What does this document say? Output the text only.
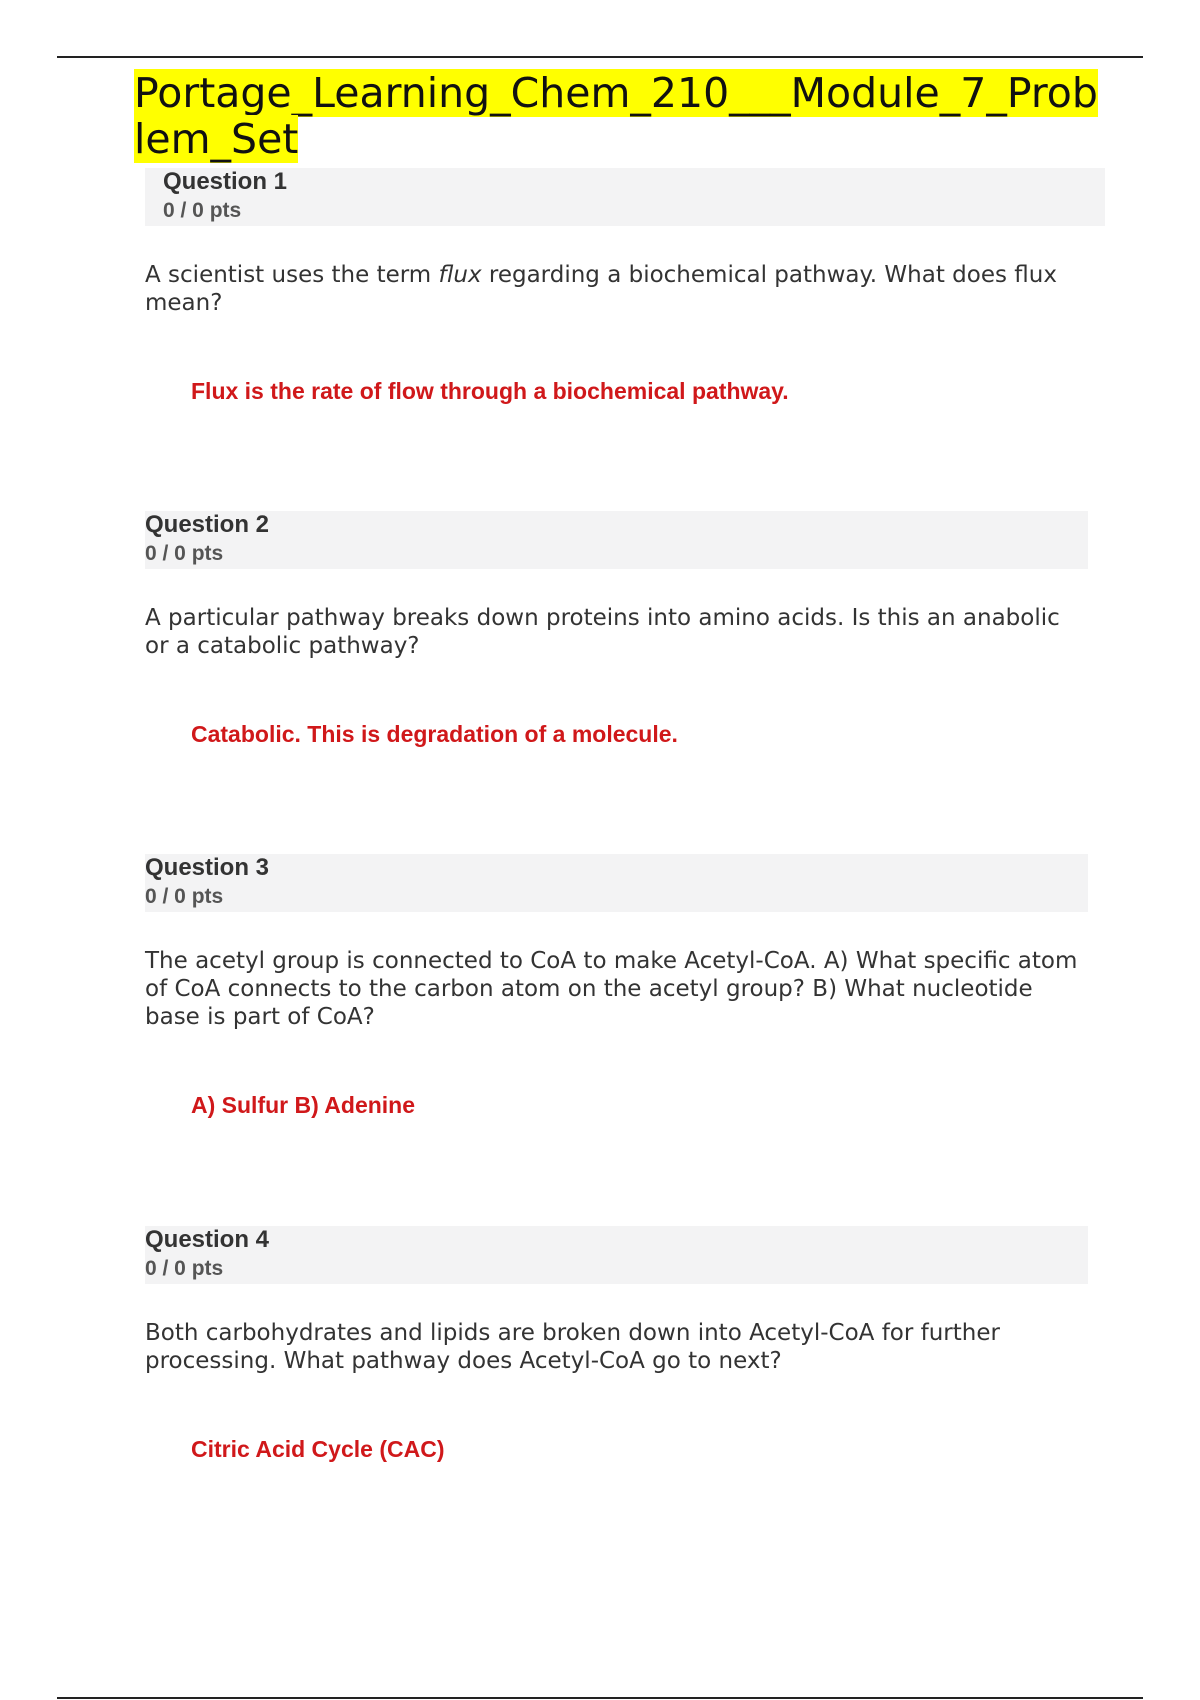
Portage_Learning_Chem_210___Module_7_Problem_Set
Question 1
0 / 0 pts

A scientist uses the term flux regarding a biochemical pathway. What does flux mean?

Flux is the rate of flow through a biochemical pathway.
Question 2
0 / 0 pts

A particular pathway breaks down proteins into amino acids. Is this an anabolic or a catabolic pathway?

Catabolic. This is degradation of a molecule.
Question 3
0 / 0 pts

The acetyl group is connected to CoA to make Acetyl-CoA. A) What specific atom of CoA connects to the carbon atom on the acetyl group? B) What nucleotide base is part of CoA?

A) Sulfur B) Adenine
Question 4
0 / 0 pts

Both carbohydrates and lipids are broken down into Acetyl-CoA for further processing. What pathway does Acetyl-CoA go to next?

Citric Acid Cycle (CAC)
